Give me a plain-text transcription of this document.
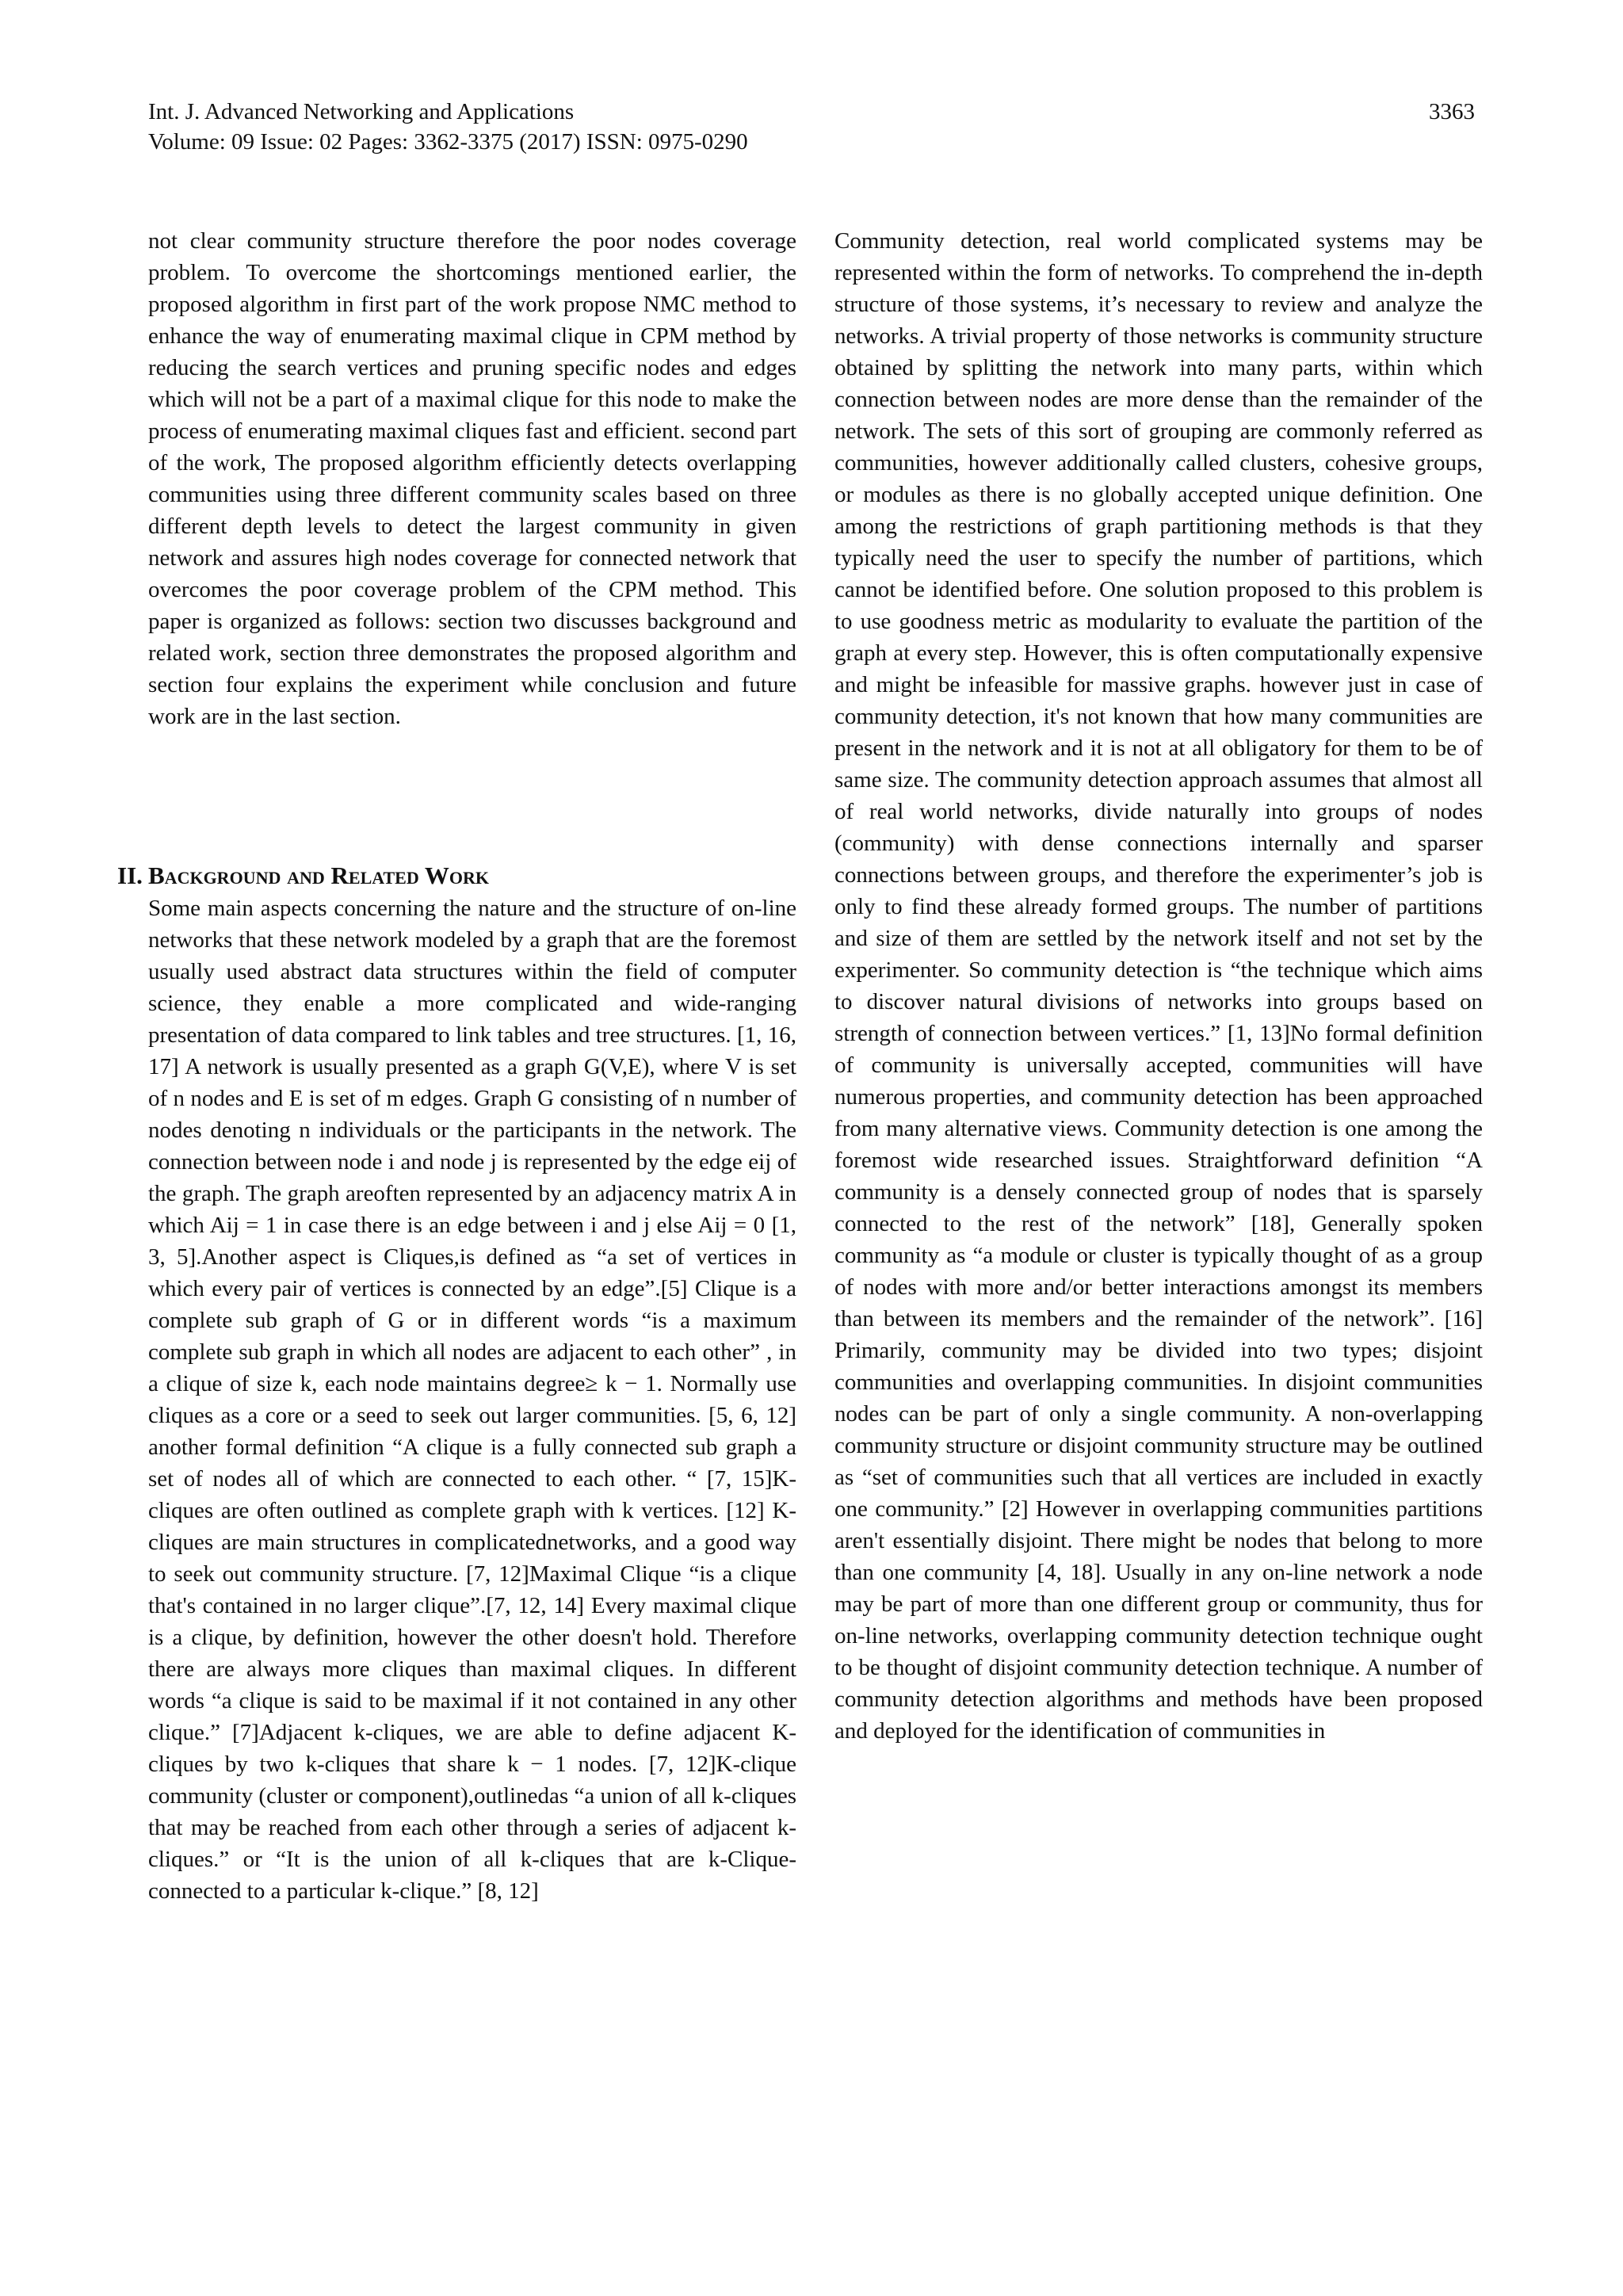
Int. J. Advanced Networking and Applications
Volume: 09 Issue: 02 Pages: 3362-3375 (2017) ISSN: 0975-0290
3363

not clear community structure therefore the poor nodes coverage problem. To overcome the shortcomings mentioned earlier, the proposed algorithm in first part of the work propose NMC method to enhance the way of enumerating maximal clique in CPM method by reducing the search vertices and pruning specific nodes and edges which will not be a part of a maximal clique for this node to make the process of enumerating maximal cliques fast and efficient. second part of the work, The proposed algorithm efficiently detects overlapping communities using three different community scales based on three different depth levels to detect the largest community in given network and assures high nodes coverage for connected network that overcomes the poor coverage problem of the CPM method. This paper is organized as follows: section two discusses background and related work, section three demonstrates the proposed algorithm and section four explains the experiment while conclusion and future work are in the last section.

II. Background and Related Work

Some main aspects concerning the nature and the structure of on-line networks that these network modeled by a graph that are the foremost usually used abstract data structures within the field of computer science, they enable a more complicated and wide-ranging presentation of data compared to link tables and tree structures. [1, 16, 17] A network is usually presented as a graph G(V,E), where V is set of n nodes and E is set of m edges. Graph G consisting of n number of nodes denoting n individuals or the participants in the network. The connection between node i and node j is represented by the edge eij of the graph. The graph areoften represented by an adjacency matrix A in which Aij = 1 in case there is an edge between i and j else Aij = 0 [1, 3, 5].Another aspect is Cliques,is defined as “a set of vertices in which every pair of vertices is connected by an edge”.[5] Clique is a complete sub graph of G or in different words “is a maximum complete sub graph in which all nodes are adjacent to each other” , in a clique of size k, each node maintains degree≥ k − 1. Normally use cliques as a core or a seed to seek out larger communities. [5, 6, 12] another formal definition “A clique is a fully connected sub graph a set of nodes all of which are connected to each other. “ [7, 15]K-cliques are often outlined as complete graph with k vertices. [12] K-cliques are main structures in complicatednetworks, and a good way to seek out community structure. [7, 12]Maximal Clique “is a clique that's contained in no larger clique”.[7, 12, 14] Every maximal clique is a clique, by definition, however the other doesn't hold. Therefore there are always more cliques than maximal cliques. In different words “a clique is said to be maximal if it not contained in any other clique.” [7]Adjacent k-cliques, we are able to define adjacent K-cliques by two k-cliques that share k − 1 nodes. [7, 12]K-clique community (cluster or component),outlinedas “a union of all k-cliques that may be reached from each other through a series of adjacent k-cliques.” or “It is the union of all k-cliques that are k-Clique-connected to a particular k-clique.” [8, 12]

Community detection, real world complicated systems may be represented within the form of networks. To comprehend the in-depth structure of those systems, it’s necessary to review and analyze the networks. A trivial property of those networks is community structure obtained by splitting the network into many parts, within which connection between nodes are more dense than the remainder of the network. The sets of this sort of grouping are commonly referred as communities, however additionally called clusters, cohesive groups, or modules as there is no globally accepted unique definition. One among the restrictions of graph partitioning methods is that they typically need the user to specify the number of partitions, which cannot be identified before. One solution proposed to this problem is to use goodness metric as modularity to evaluate the partition of the graph at every step. However, this is often computationally expensive and might be infeasible for massive graphs. however just in case of community detection, it's not known that how many communities are present in the network and it is not at all obligatory for them to be of same size. The community detection approach assumes that almost all of real world networks, divide naturally into groups of nodes (community) with dense connections internally and sparser connections between groups, and therefore the experimenter’s job is only to find these already formed groups. The number of partitions and size of them are settled by the network itself and not set by the experimenter. So community detection is “the technique which aims to discover natural divisions of networks into groups based on strength of connection between vertices.” [1, 13]No formal definition of community is universally accepted, communities will have numerous properties, and community detection has been approached from many alternative views. Community detection is one among the foremost wide researched issues. Straightforward definition “A community is a densely connected group of nodes that is sparsely connected to the rest of the network” [18], Generally spoken community as “a module or cluster is typically thought of as a group of nodes with more and/or better interactions amongst its members than between its members and the remainder of the network”. [16] Primarily, community may be divided into two types; disjoint communities and overlapping communities. In disjoint communities nodes can be part of only a single community. A non-overlapping community structure or disjoint community structure may be outlined as “set of communities such that all vertices are included in exactly one community.” [2] However in overlapping communities partitions aren't essentially disjoint. There might be nodes that belong to more than one community [4, 18]. Usually in any on-line network a node may be part of more than one different group or community, thus for on-line networks, overlapping community detection technique ought to be thought of disjoint community detection technique. A number of community detection algorithms and methods have been proposed and deployed for the identification of communities in
